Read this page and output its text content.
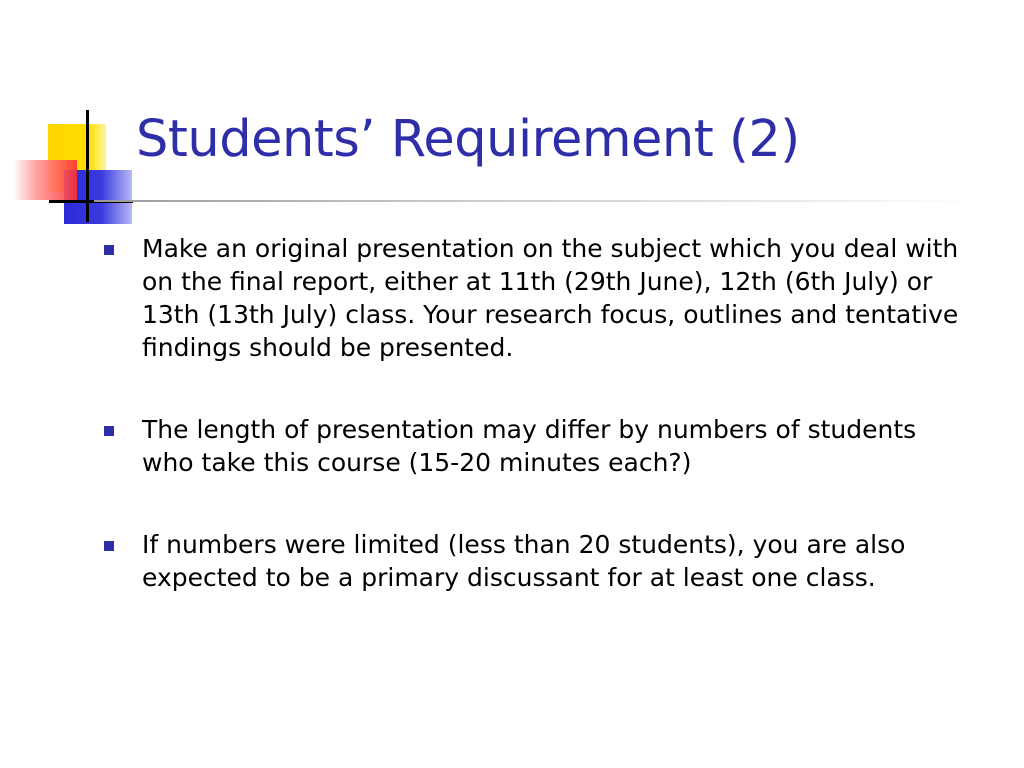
Students’ Requirement (2)
Make an original presentation on the subject which you deal with on the final report, either at 11th (29th June), 12th (6th July) or 13th (13th July) class. Your research focus, outlines and tentative findings should be presented.
The length of presentation may differ by numbers of students who take this course (15-20 minutes each?)
If numbers were limited (less than 20 students), you are also expected to be a primary discussant for at least one class.
